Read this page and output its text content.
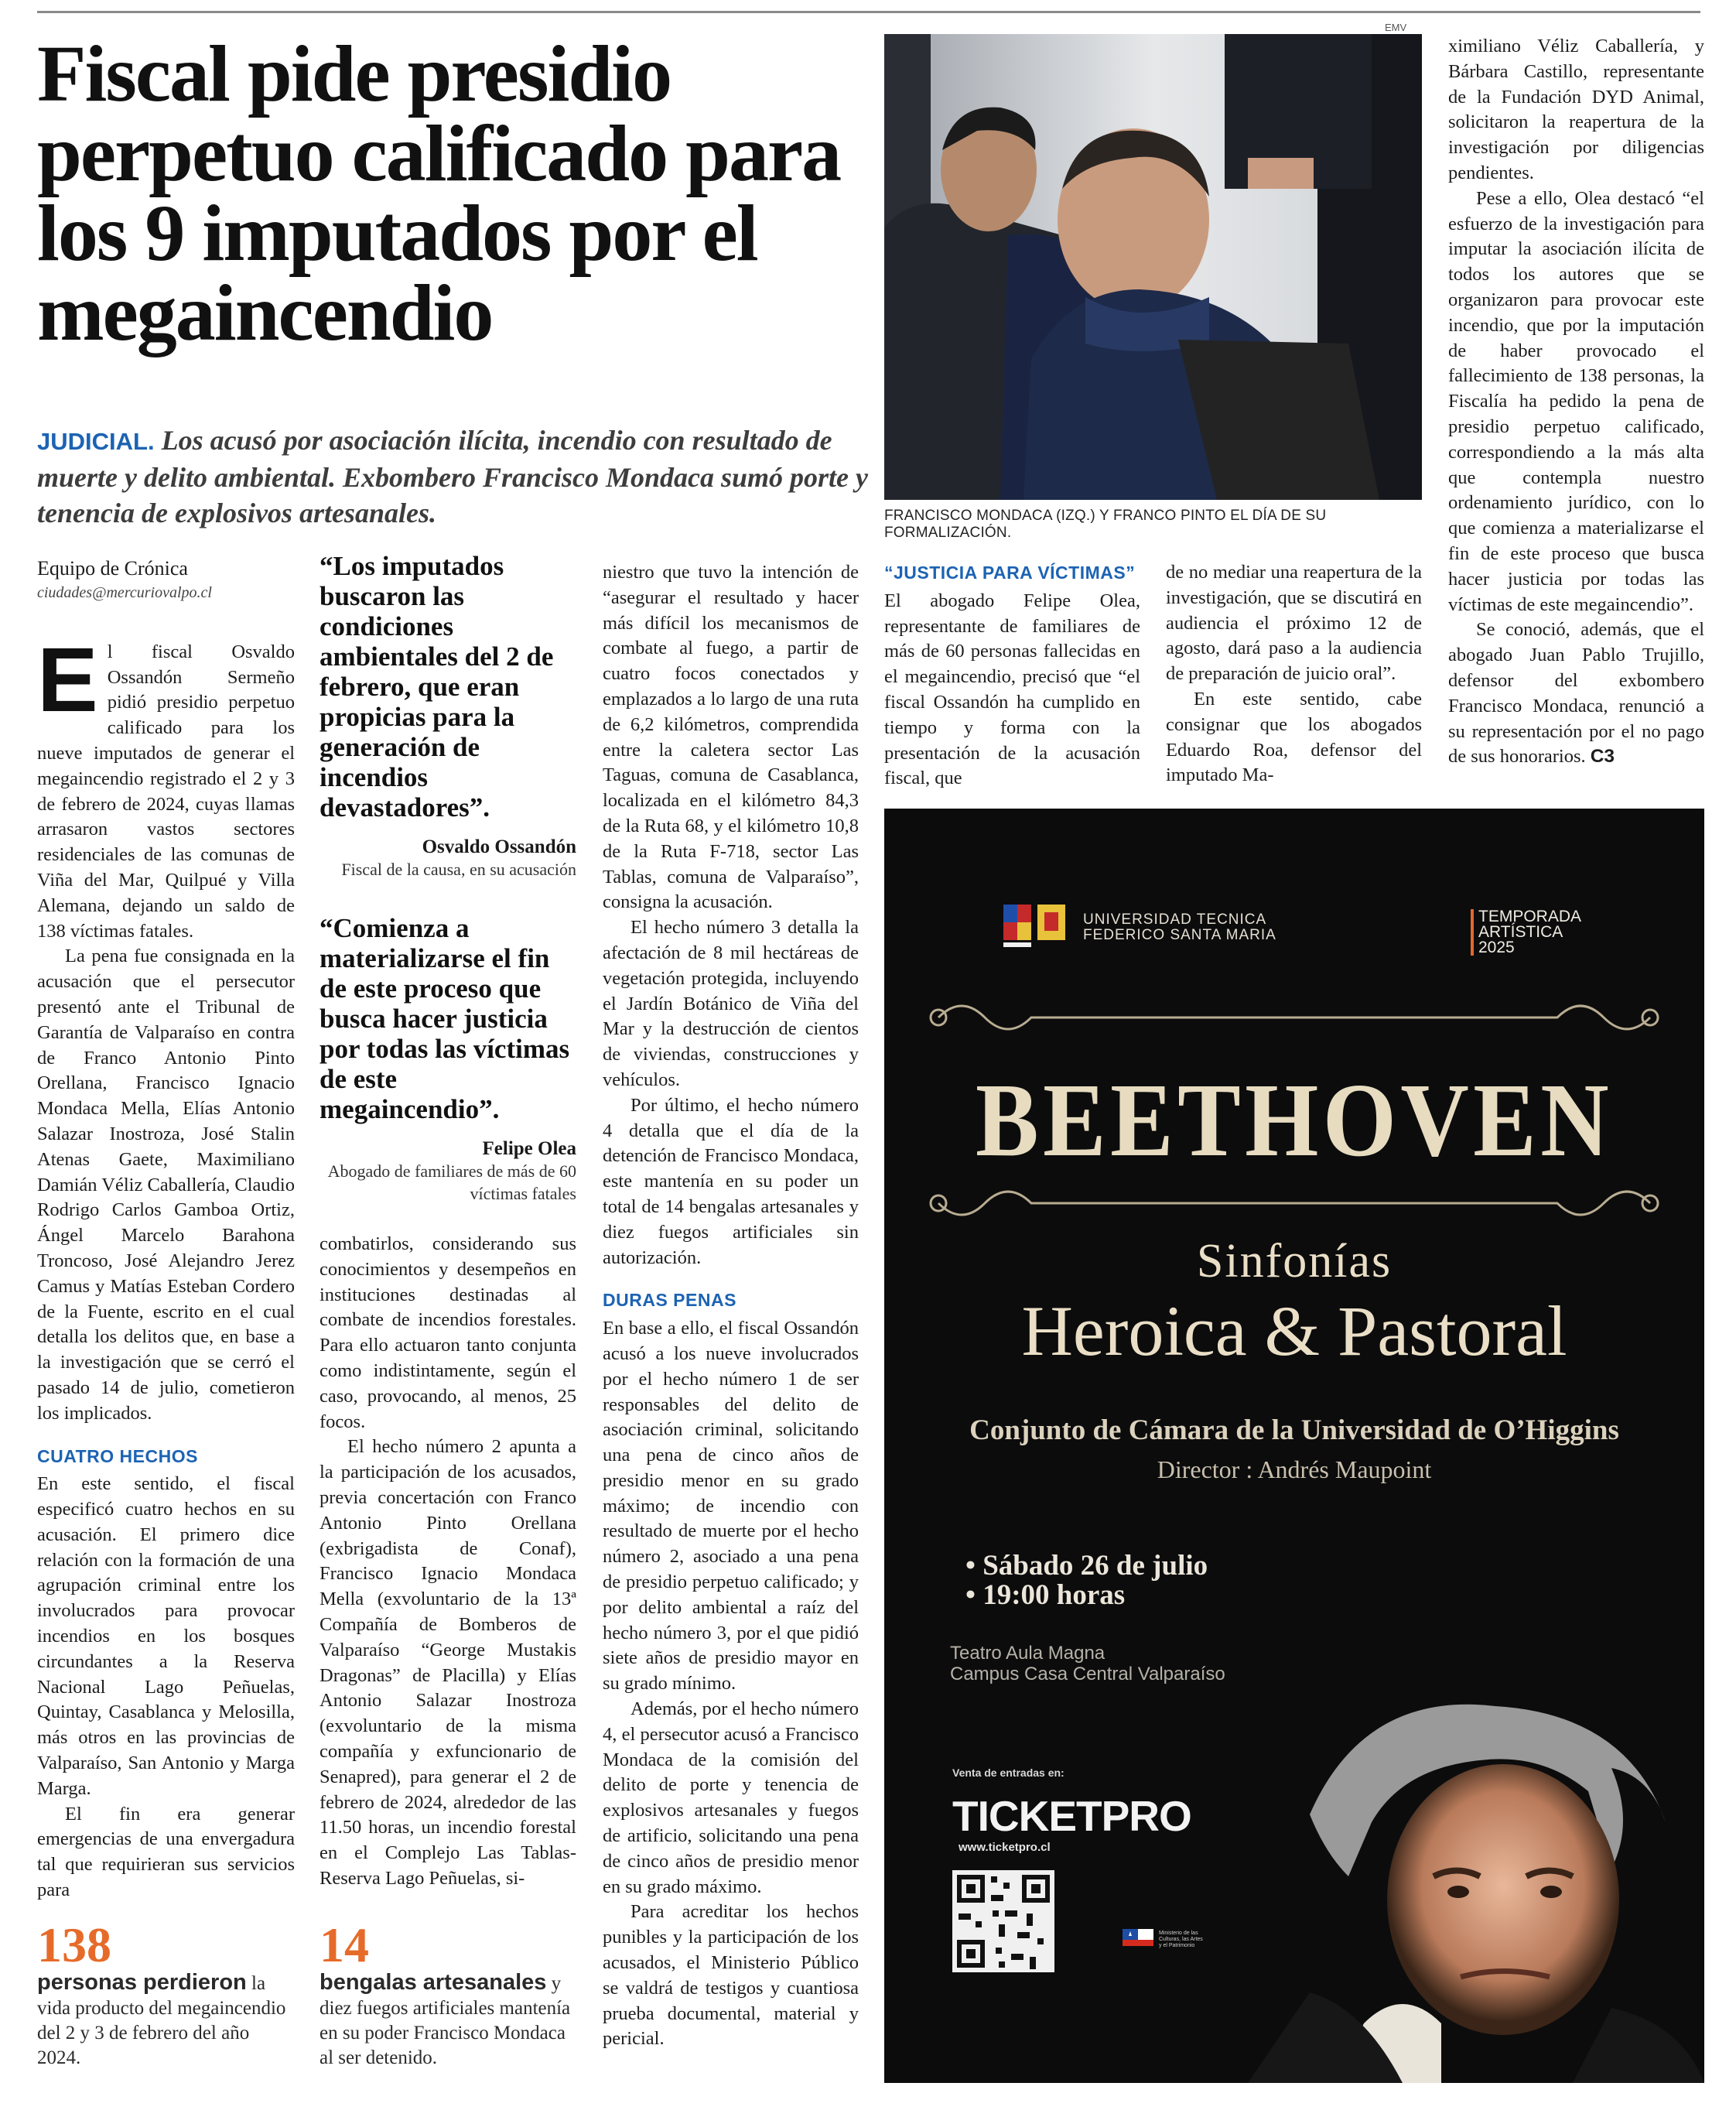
Fiscal pide presidio perpetuo calificado para los 9 imputados por el megaincendio
JUDICIAL. Los acusó por asociación ilícita, incendio con resultado de muerte y delito ambiental. Exbombero Francisco Mondaca sumó porte y tenencia de explosivos artesanales.
Equipo de Crónica
ciudades@mercuriovalpo.cl

El fiscal Osvaldo Ossandón Sermeño pidió presidio perpetuo calificado para los nueve imputados de generar el megaincendio registrado el 2 y 3 de febrero de 2024, cuyas llamas arrasaron vastos sectores residenciales de las comunas de Viña del Mar, Quilpué y Villa Alemana, dejando un saldo de 138 víctimas fatales.

La pena fue consignada en la acusación que el persecutor presentó ante el Tribunal de Garantía de Valparaíso en contra de Franco Antonio Pinto Orellana, Francisco Ignacio Mondaca Mella, Elías Antonio Salazar Inostroza, José Stalin Atenas Gaete, Maximiliano Damián Véliz Caballería, Claudio Rodrigo Carlos Gamboa Ortiz, Ángel Marcelo Barahona Troncoso, José Alejandro Jerez Camus y Matías Esteban Cordero de la Fuente, escrito en el cual detalla los delitos que, en base a la investigación que se cerró el pasado 14 de julio, cometieron los implicados.

CUATRO HECHOS

En este sentido, el fiscal especificó cuatro hechos en su acusación. El primero dice relación con la formación de una agrupación criminal entre los involucrados para provocar incendios en los bosques circundantes a la Reserva Nacional Lago Peñuelas, Quintay, Casablanca y Melosilla, más otros en las provincias de Valparaíso, San Antonio y Marga Marga.

El fin era generar emergencias de una envergadura tal que requirieran sus servicios para

“Los imputados buscaron las condiciones ambientales del 2 de febrero, que eran propicias para la generación de incendios devastadores”.
Osvaldo Ossandón
Fiscal de la causa, en su acusación
“Comienza a materializarse el fin de este proceso que busca hacer justicia por todas las víctimas de este megaincendio”.
Felipe Olea
Abogado de familiares de más de 60 víctimas fatales

combatirlos, considerando sus conocimientos y desempeños en instituciones destinadas al combate de incendios forestales. Para ello actuaron tanto conjunta como indistintamente, según el caso, provocando, al menos, 25 focos.

El hecho número 2 apunta a la participación de los acusados, previa concertación con Franco Antonio Pinto Orellana (exbrigadista de Conaf), Francisco Ignacio Mondaca Mella (exvoluntario de la 13ª Compañía de Bomberos de Valparaíso “George Mustakis Dragonas” de Placilla) y Elías Antonio Salazar Inostroza (exvoluntario de la misma compañía y exfuncionario de Senapred), para generar el 2 de febrero de 2024, alrededor de las 11.50 horas, un incendio forestal en el Complejo Las Tablas-Reserva Lago Peñuelas, si-

niestro que tuvo la intención de “asegurar el resultado y hacer más difícil los mecanismos de combate al fuego, a partir de cuatro focos conectados y emplazados a lo largo de una ruta de 6,2 kilómetros, comprendida entre la caletera sector Las Taguas, comuna de Casablanca, localizada en el kilómetro 84,3 de la Ruta 68, y el kilómetro 10,8 de la Ruta F-718, sector Las Tablas, comuna de Valparaíso”, consigna la acusación.

El hecho número 3 detalla la afectación de 8 mil hectáreas de vegetación protegida, incluyendo el Jardín Botánico de Viña del Mar y la destrucción de cientos de viviendas, construcciones y vehículos.

Por último, el hecho número 4 detalla que el día de la detención de Francisco Mondaca, este mantenía en su poder un total de 14 bengalas artesanales y diez fuegos artificiales sin autorización.

DURAS PENAS

En base a ello, el fiscal Ossandón acusó a los nueve involucrados por el hecho número 1 de ser responsables del delito de asociación criminal, solicitando una pena de cinco años de presidio menor en su grado máximo; de incendio con resultado de muerte por el hecho número 2, asociado a una pena de presidio perpetuo calificado; y por delito ambiental a raíz del hecho número 3, por el que pidió siete años de presidio mayor en su grado mínimo.

Además, por el hecho número 4, el persecutor acusó a Francisco Mondaca de la comisión del delito de porte y tenencia de explosivos artesanales y fuegos de artificio, solicitando una pena de cinco años de presidio menor en su grado máximo.

Para acreditar los hechos punibles y la participación de los acusados, el Ministerio Público se valdrá de testigos y cuantiosa prueba documental, material y pericial.

138
personas perdieron la vida producto del megaincendio del 2 y 3 de febrero del año 2024.
14
bengalas artesanales y diez fuegos artificiales mantenía en su poder Francisco Mondaca al ser detenido.
EMV
FRANCISCO MONDACA (IZQ.) Y FRANCO PINTO EL DÍA DE SU FORMALIZACIÓN.
“JUSTICIA PARA VÍCTIMAS”

El abogado Felipe Olea, representante de familiares de más de 60 personas fallecidas en el megaincendio, precisó que “el fiscal Ossandón ha cumplido en tiempo y forma con la presentación de la acusación fiscal, que

de no mediar una reapertura de la investigación, que se discutirá en audiencia el próximo 12 de agosto, dará paso a la audiencia de preparación de juicio oral”.

En este sentido, cabe consignar que los abogados Eduardo Roa, defensor del imputado Ma-

ximiliano Véliz Caballería, y Bárbara Castillo, representante de la Fundación DYD Animal, solicitaron la reapertura de la investigación por diligencias pendientes.

Pese a ello, Olea destacó “el esfuerzo de la investigación para imputar la asociación ilícita de todos los autores que se organizaron para provocar este incendio, que por la imputación de haber provocado el fallecimiento de 138 personas, la Fiscalía ha pedido la pena de presidio perpetuo calificado, correspondiendo a la más alta que contempla nuestro ordenamiento jurídico, con lo que comienza a materializarse el fin de este proceso que busca hacer justicia por todas las víctimas de este megaincendio”.

Se conoció, además, que el abogado Juan Pablo Trujillo, defensor del exbombero Francisco Mondaca, renunció a su representación por el no pago de sus honorarios. C3

UNIVERSIDAD TECNICA
FEDERICO SANTA MARIA
TEMPORADA
ARTÍSTICA
2025
BEETHOVEN
Sinfonías
Heroica & Pastoral
Conjunto de Cámara de la Universidad de O’Higgins
Director : Andrés Maupoint
• Sábado 26 de julio
• 19:00 horas
Teatro Aula Magna
Campus Casa Central Valparaíso
Venta de entradas en:
TICKETPRO
www.ticketpro.cl
Ministerio de las Culturas, las Artes y el Patrimonio
